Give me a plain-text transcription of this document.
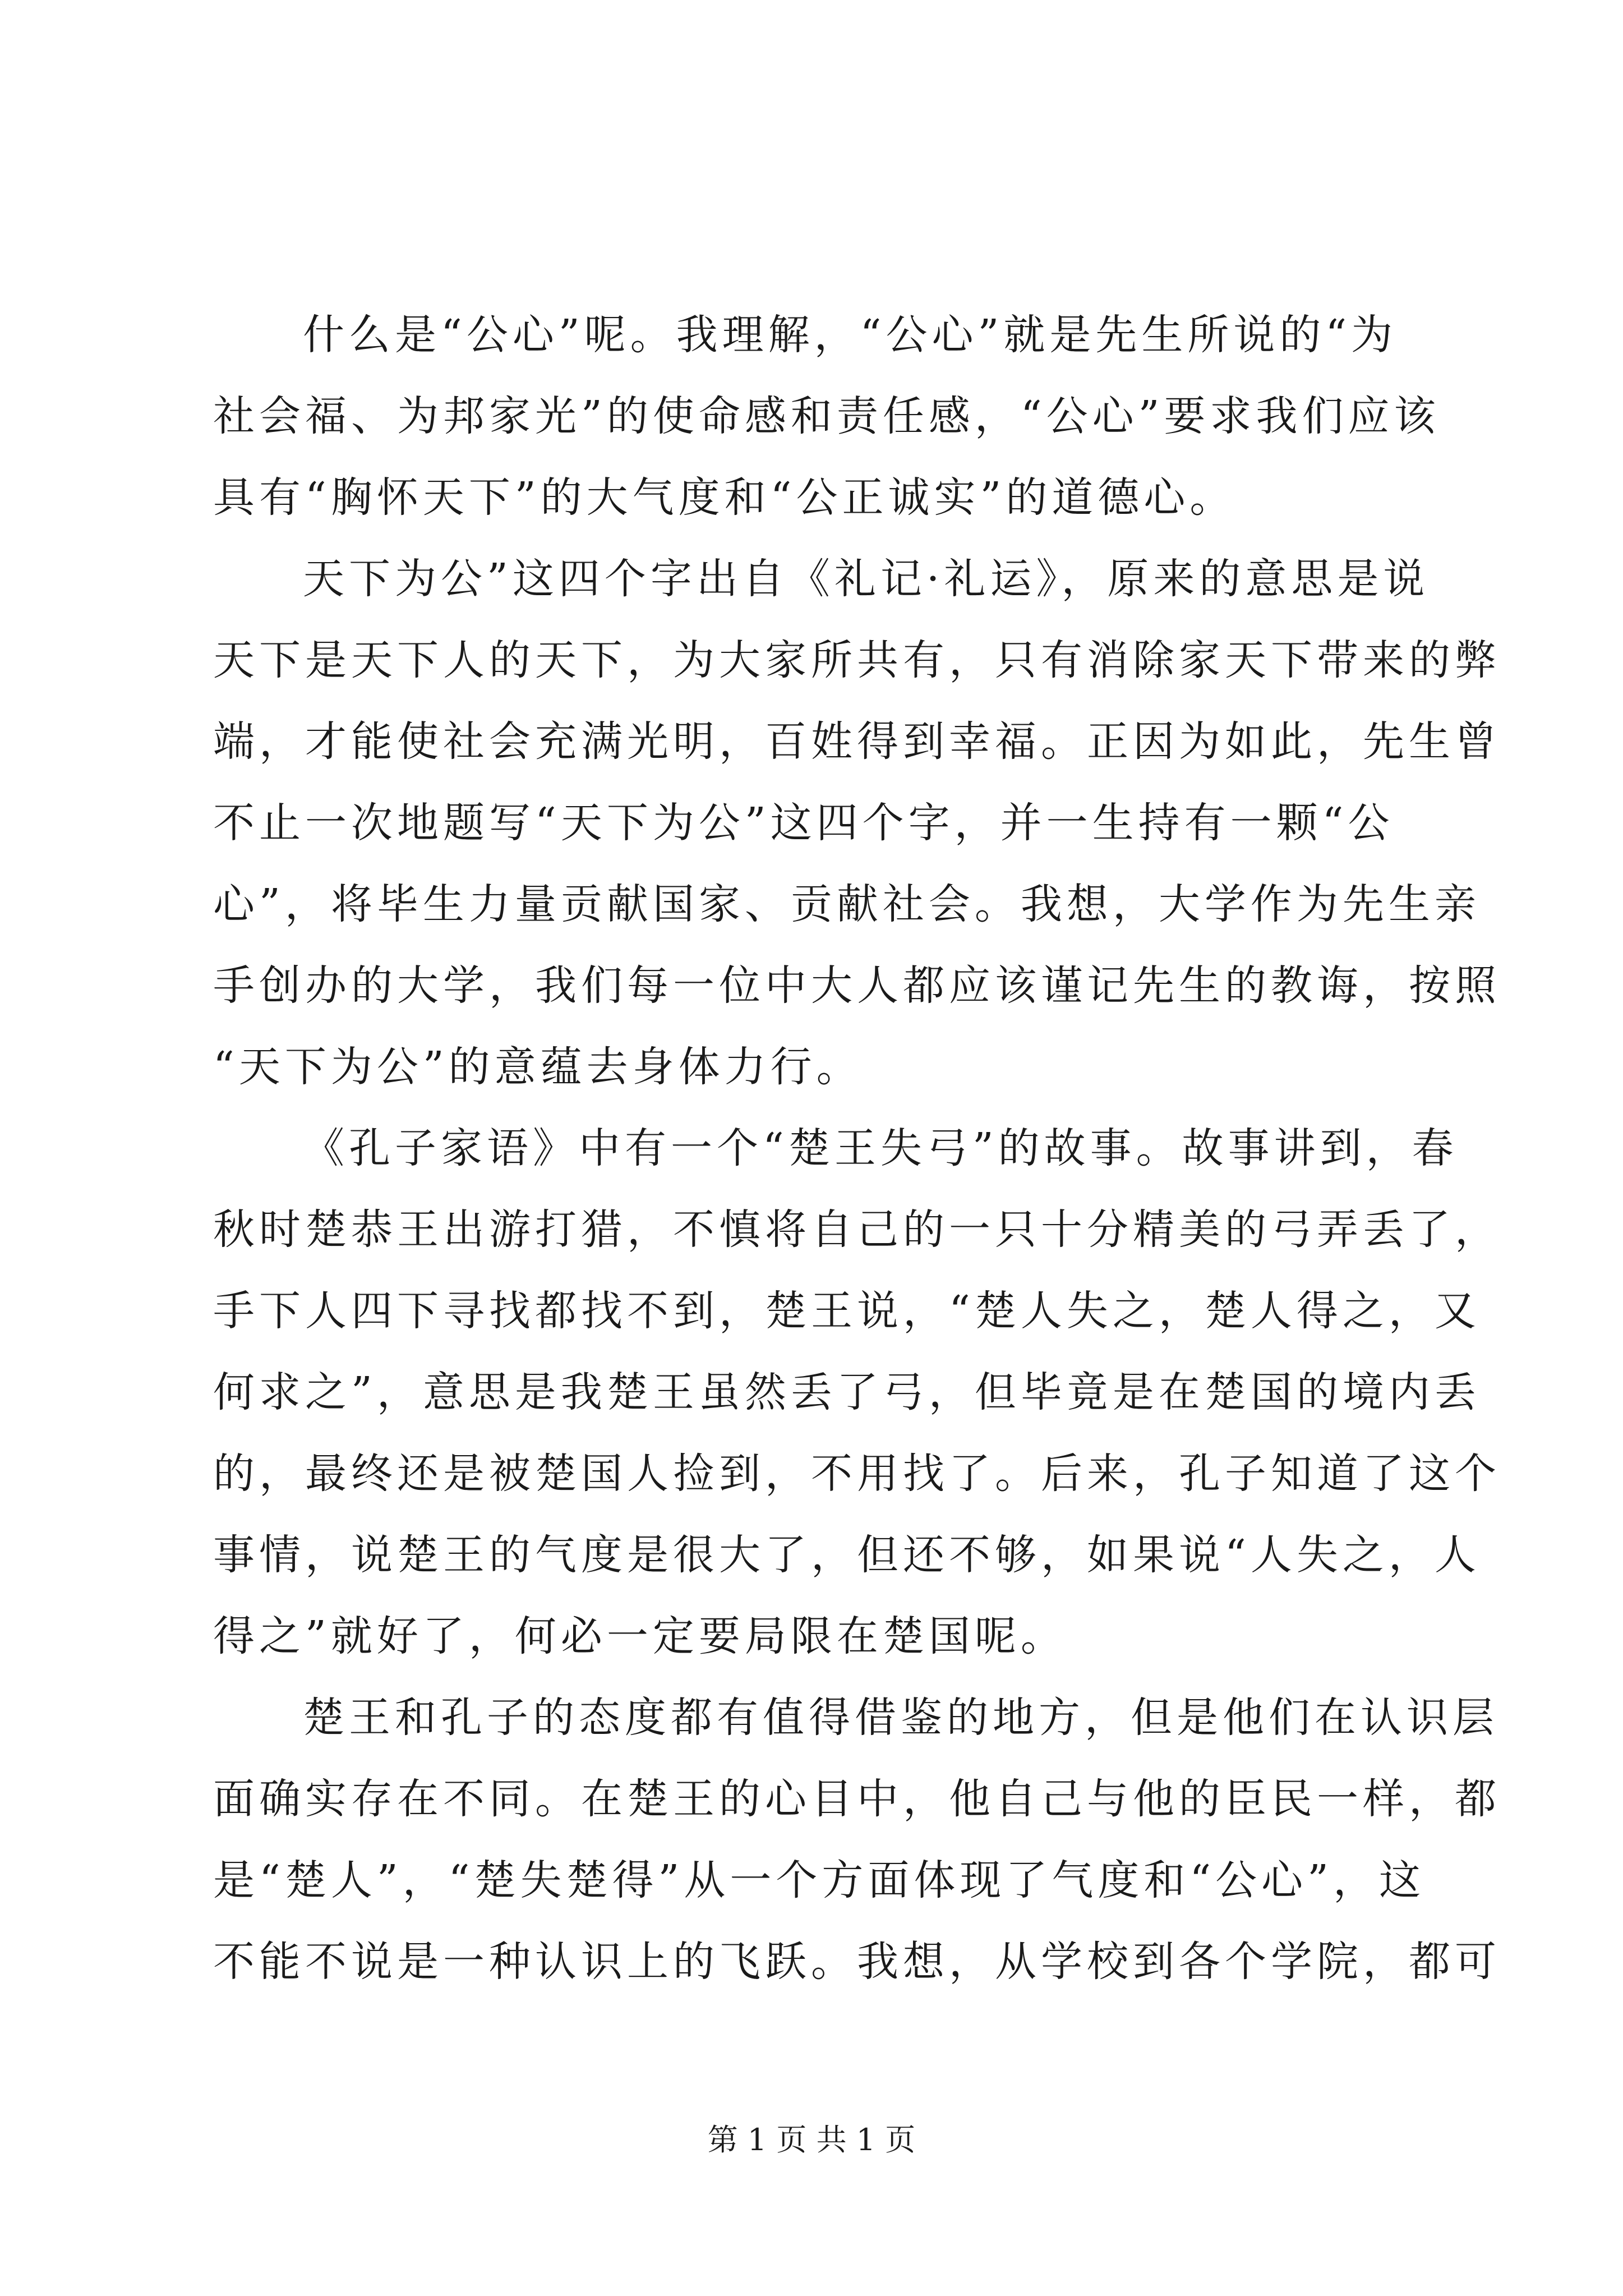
什么是“公心”呢。我理解，“公心”就是先生所说的“为
社会福、为邦家光”的使命感和责任感，“公心”要求我们应该
具有“胸怀天下”的大气度和“公正诚实”的道德心。
天下为公”这四个字出自《礼记·礼运》，原来的意思是说
天下是天下人的天下，为大家所共有，只有消除家天下带来的弊
端，才能使社会充满光明，百姓得到幸福。正因为如此，先生曾
不止一次地题写“天下为公”这四个字，并一生持有一颗“公
心”，将毕生力量贡献国家、贡献社会。我想，大学作为先生亲
手创办的大学，我们每一位中大人都应该谨记先生的教诲，按照
“天下为公”的意蕴去身体力行。
《孔子家语》中有一个“楚王失弓”的故事。故事讲到，春
秋时楚恭王出游打猎，不慎将自己的一只十分精美的弓弄丢了，
手下人四下寻找都找不到，楚王说，“楚人失之，楚人得之，又
何求之”，意思是我楚王虽然丢了弓，但毕竟是在楚国的境内丢
的，最终还是被楚国人捡到，不用找了。后来，孔子知道了这个
事情，说楚王的气度是很大了，但还不够，如果说“人失之，人
得之”就好了，何必一定要局限在楚国呢。
楚王和孔子的态度都有值得借鉴的地方，但是他们在认识层
面确实存在不同。在楚王的心目中，他自己与他的臣民一样，都
是“楚人”，“楚失楚得”从一个方面体现了气度和“公心”，这
不能不说是一种认识上的飞跃。我想，从学校到各个学院，都可
第 1 页 共 1 页
